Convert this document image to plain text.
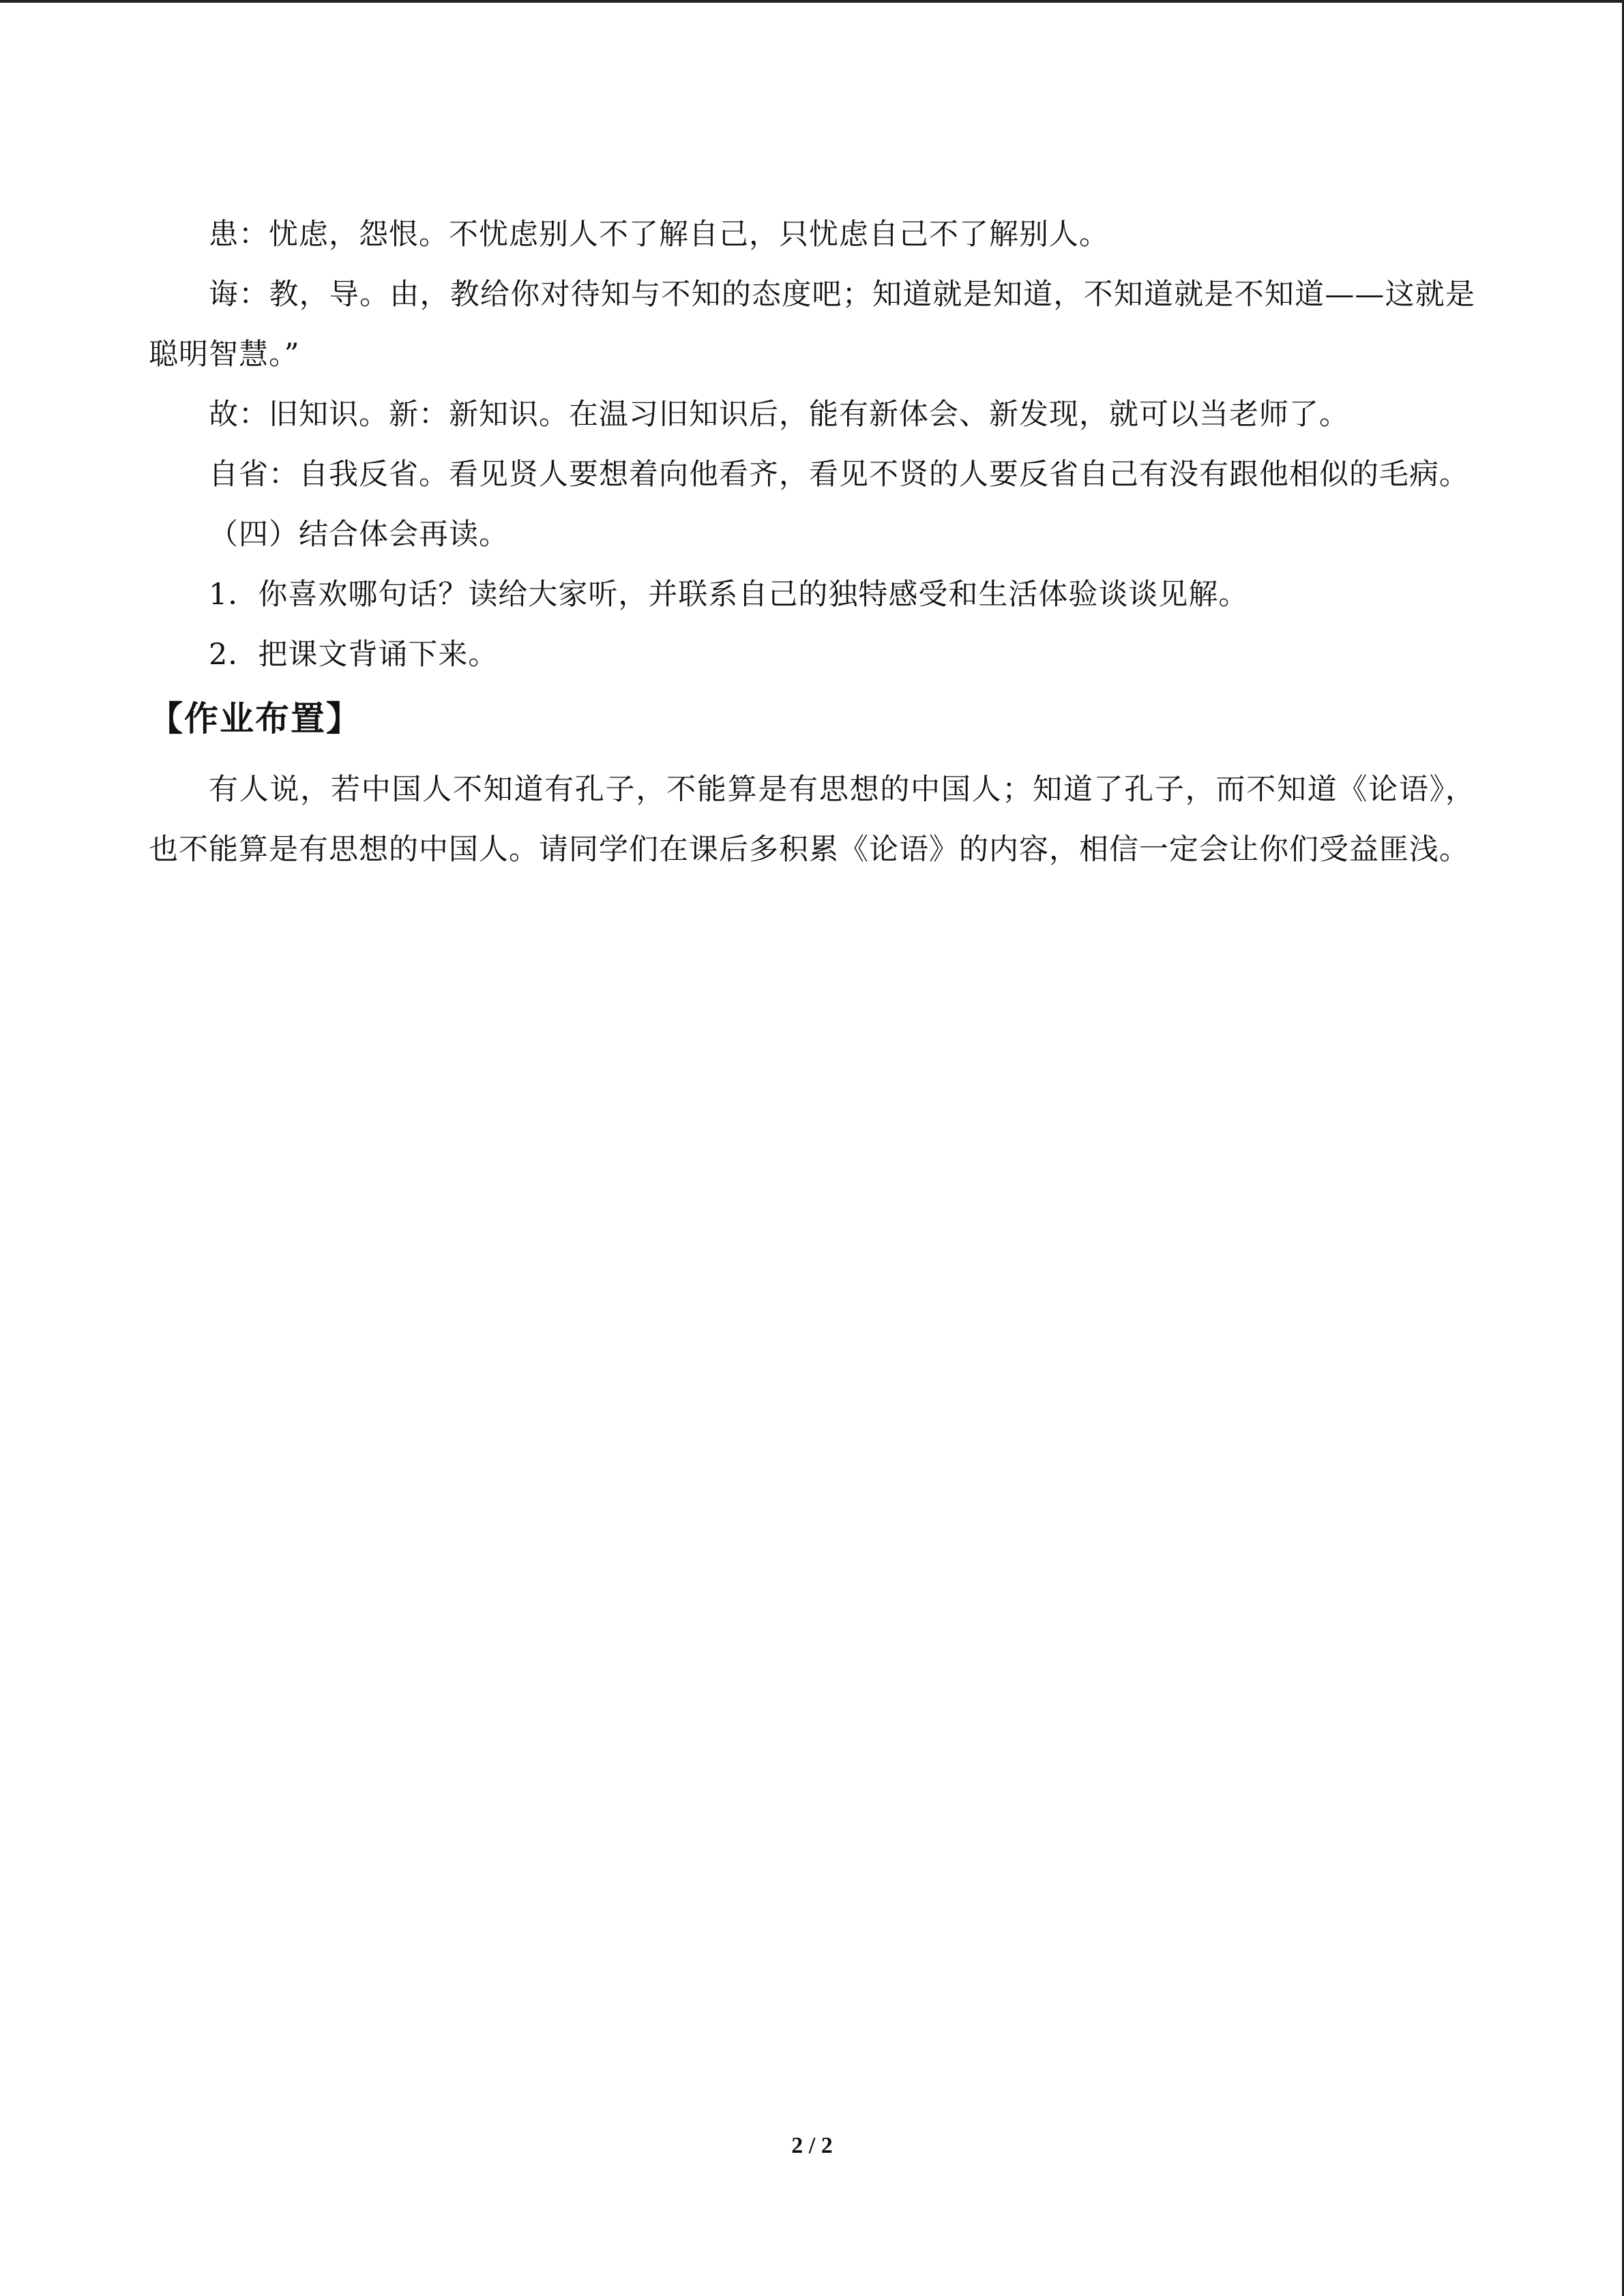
患：忧虑，怨恨。不忧虑别人不了解自己，只忧虑自己不了解别人。

诲：教，导。由，教给你对待知与不知的态度吧；知道就是知道，不知道就是不知道——这就是聪明智慧。”

故：旧知识。新：新知识。在温习旧知识后，能有新体会、新发现，就可以当老师了。

自省：自我反省。看见贤人要想着向他看齐，看见不贤的人要反省自己有没有跟他相似的毛病。

（四）结合体会再读。

1．你喜欢哪句话？读给大家听，并联系自己的独特感受和生活体验谈谈见解。

2．把课文背诵下来。

【作业布置】

有人说，若中国人不知道有孔子，不能算是有思想的中国人；知道了孔子，而不知道《论语》，也不能算是有思想的中国人。请同学们在课后多积累《论语》的内容，相信一定会让你们受益匪浅。

2 / 2
